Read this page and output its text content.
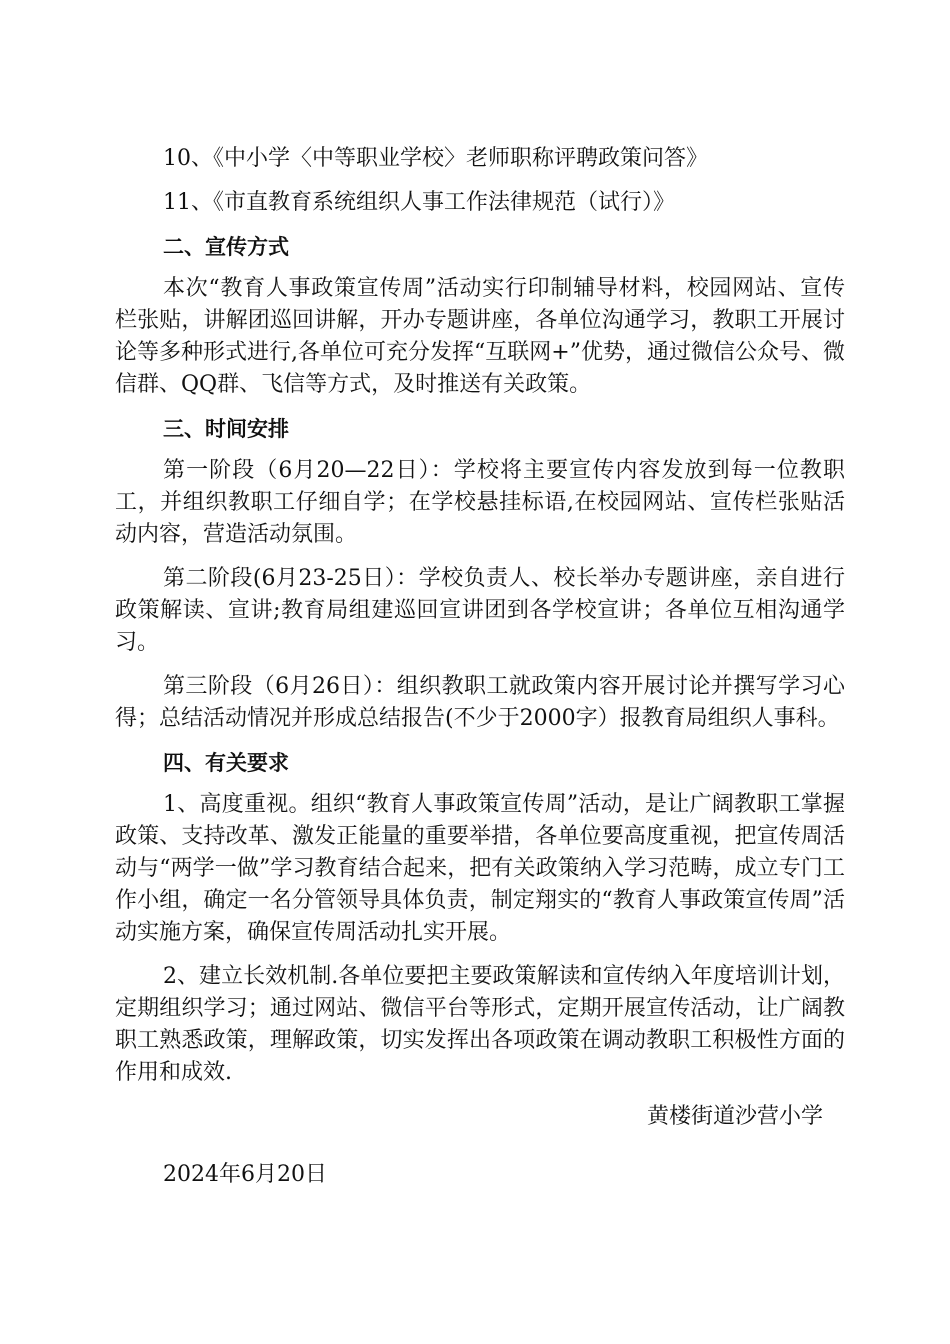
10、《中小学〈中等职业学校〉老师职称评聘政策问答》

11、《市直教育系统组织人事工作法律规范（试行）》

二、宣传方式

本次“教育人事政策宣传周”活动实行印制辅导材料，校园网站、宣传栏张贴，讲解团巡回讲解，开办专题讲座，各单位沟通学习，教职工开展讨论等多种形式进行,各单位可充分发挥“互联网+”优势，通过微信公众号、微信群、QQ群、飞信等方式，及时推送有关政策。

三、时间安排

第一阶段（6月20—22日）：学校将主要宣传内容发放到每一位教职工，并组织教职工仔细自学；在学校悬挂标语,在校园网站、宣传栏张贴活动内容，营造活动氛围。

第二阶段(6月23-25日）：学校负责人、校长举办专题讲座，亲自进行政策解读、宣讲;教育局组建巡回宣讲团到各学校宣讲；各单位互相沟通学习。

第三阶段（6月26日）：组织教职工就政策内容开展讨论并撰写学习心得；总结活动情况并形成总结报告(不少于2000字）报教育局组织人事科。

四、有关要求

1、高度重视。组织“教育人事政策宣传周”活动，是让广阔教职工掌握政策、支持改革、激发正能量的重要举措，各单位要高度重视，把宣传周活动与“两学一做”学习教育结合起来，把有关政策纳入学习范畴，成立专门工作小组，确定一名分管领导具体负责，制定翔实的“教育人事政策宣传周”活动实施方案，确保宣传周活动扎实开展。

2、建立长效机制.各单位要把主要政策解读和宣传纳入年度培训计划，定期组织学习；通过网站、微信平台等形式，定期开展宣传活动，让广阔教职工熟悉政策，理解政策，切实发挥出各项政策在调动教职工积极性方面的作用和成效.

黄楼街道沙营小学

2024年6月20日
